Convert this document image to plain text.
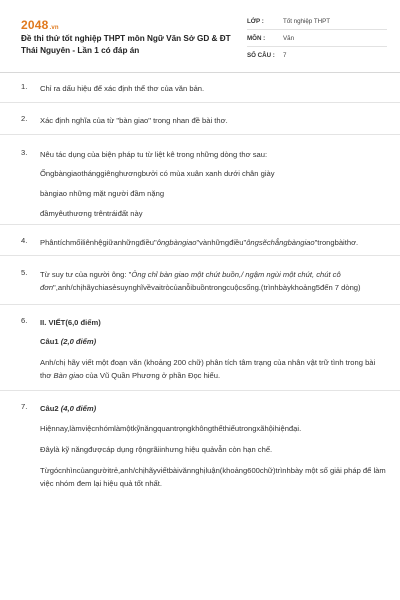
2048.vn
Đề thi thử tốt nghiệp THPT môn Ngữ Văn Sở GD & ĐT Thái Nguyên - Lần 1 có đáp án
LỚP :	Tốt nghiệp THPT
MÔN :	Văn
SỐ CÂU :	7
1. Chỉ ra dấu hiệu để xác định thể thơ của văn bản.
2. Xác định nghĩa của từ "bàn giao" trong nhan đề bài thơ.
3. Nêu tác dụng của biện pháp tu từ liệt kê trong những dòng thơ sau:
Ốngbàngiaothánggiênghươngbưởi có mùa xuân xanh dưới chân giày
bàngiao những mặt người đầm nặng
đầmyêuthương trêntráiđất này
4. Phântíchmốiliênhệgiữanhữngđiều"ôngbàngiao"vànhữngđiều"ôngsẽchẳngbàngiao"trongbàithơ.
5. Từ suy tư của người ông: "Ông chỉ bàn giao một chút buồn,/ ngậm ngùi một chút, chút cô đơn",anh/chịhãychiasẻsuynghĩvềvaitròcủanỗibuồntrongcuộcsống.(trìnhbàykhoảng5đến 7 dòng)
6. II. VIẾT(6,0 điểm)
Câu1 (2,0 điểm)
Anh/chị hãy viết một đoạn văn (khoảng 200 chữ) phân tích tâm trạng của nhân vật trữ tình trong bài thơ Bàn giao của Vũ Quần Phương ở phần Đọc hiểu.
7. Câu2 (4,0 điểm)
Hiệnnay,làmviệcnhómlàmộtkỹnăngquantrọngkhôngthểthiếutrongxãhộihiệnđại.
Đâylà kỹ năngđượcáp dụng rộngrãiinhưng hiệu quảvẫn còn hạn chế.
Từgócnhìncủangườitrẻ,anh/chịhãyviếtbàivănnghịluận(khoảng600chữ)trìnhbày một số giải pháp để làm việc nhóm đem lại hiệu quả tốt nhất.
